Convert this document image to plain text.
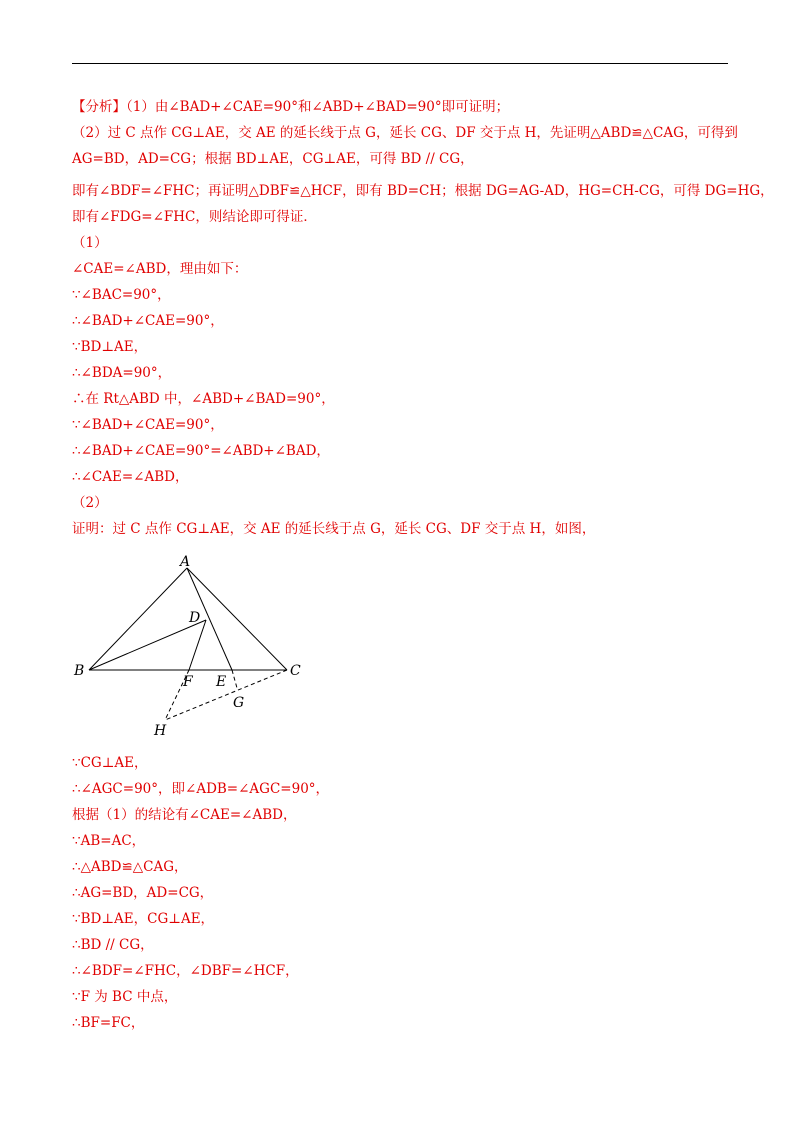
【分析】（1）由∠BAD+∠CAE=90°和∠ABD+∠BAD=90°即可证明；
（2）过 C 点作 CG⊥AE，交 AE 的延长线于点 G，延长 CG、DF 交于点 H，先证明△ABD≌△CAG，可得到
AG=BD，AD=CG；根据 BD⊥AE，CG⊥AE，可得 BD // CG，
即有∠BDF=∠FHC；再证明△DBF≌△HCF，即有 BD=CH；根据 DG=AG-AD，HG=CH-CG，可得 DG=HG，
即有∠FDG=∠FHC，则结论即可得证．
（1）
∠CAE=∠ABD，理由如下：
∵∠BAC=90°，
∴∠BAD+∠CAE=90°，
∵BD⊥AE，
∴∠BDA=90°，
∴在 Rt△ABD 中，∠ABD+∠BAD=90°，
∵∠BAD+∠CAE=90°，
∴∠BAD+∠CAE=90°=∠ABD+∠BAD，
∴∠CAE=∠ABD，
（2）
证明：过 C 点作 CG⊥AE，交 AE 的延长线于点 G，延长 CG、DF 交于点 H，如图，
A
B	C
D
E
F
G
H
∵CG⊥AE，
∴∠AGC=90°，即∠ADB=∠AGC=90°，
根据（1）的结论有∠CAE=∠ABD，
∵AB=AC，
∴△ABD≌△CAG，
∴AG=BD，AD=CG，
∵BD⊥AE，CG⊥AE，
∴BD // CG，
∴∠BDF=∠FHC，∠DBF=∠HCF，
∵F 为 BC 中点，
∴BF=FC，
